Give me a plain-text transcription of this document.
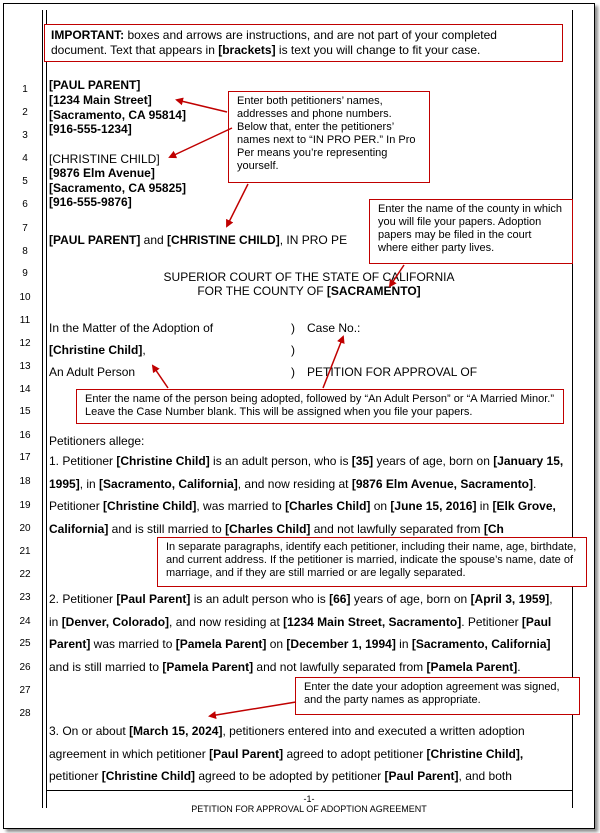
1
2
3
4
5
6
7
8
9
10
11
12
13
14
15
16
17
18
19
20
21
22
23
24
25
26
27
28
IMPORTANT: boxes and arrows are instructions, and are not part of your completed document. Text that appears in [brackets] is text you will change to fit your case.
[PAUL PARENT]
[1234 Main Street]
[Sacramento, CA 95814]
[916-555-1234]
[CHRISTINE CHILD]
[9876 Elm Avenue]
[Sacramento, CA 95825]
[916-555-9876]
[PAUL PARENT] and [CHRISTINE CHILD], IN PRO PE
SUPERIOR COURT OF THE STATE OF CALIFORNIA
FOR THE COUNTY OF [SACRAMENTO]
In the Matter of the Adoption of
[Christine Child],
An Adult Person
)
)
)
Case No.:
PETITION FOR APPROVAL OF
Petitioners allege:
1. Petitioner [Christine Child] is an adult person, who is [35] years of age, born on [January 15, 1995], in [Sacramento, California], and now residing at [9876 Elm Avenue, Sacramento]. Petitioner [Christine Child], was married to [Charles Child] on [June 15, 2016] in [Elk Grove, California] and is still married to [Charles Child] and not lawfully separated from [Ch
2. Petitioner [Paul Parent] is an adult person who is [66] years of age, born on [April 3, 1959], in [Denver, Colorado], and now residing at [1234 Main Street, Sacramento]. Petitioner [Paul Parent] was married to [Pamela Parent] on [December 1, 1994] in [Sacramento, California] and is still married to [Pamela Parent] and not lawfully separated from [Pamela Parent].
3. On or about [March 15, 2024], petitioners entered into and executed a written adoption agreement in which petitioner [Paul Parent] agreed to adopt petitioner [Christine Child], petitioner [Christine Child] agreed to be adopted by petitioner [Paul Parent], and both
Enter both petitioners’ names, addresses and phone numbers. Below that, enter the petitioners’ names next to “IN PRO PER.” In Pro Per means you’re representing yourself.
Enter the name of the county in which you will file your papers. Adoption papers may be filed in the court where either party lives.
Enter the name of the person being adopted, followed by “An Adult Person” or “A Married Minor.” Leave the Case Number blank. This will be assigned when you file your papers.
In separate paragraphs, identify each petitioner, including their name, age, birthdate, and current address. If the petitioner is married, indicate the spouse’s name, date of marriage, and if they are still married or are legally separated.
Enter the date your adoption agreement was signed, and the party names as appropriate.
-1-
PETITION FOR APPROVAL OF ADOPTION AGREEMENT
